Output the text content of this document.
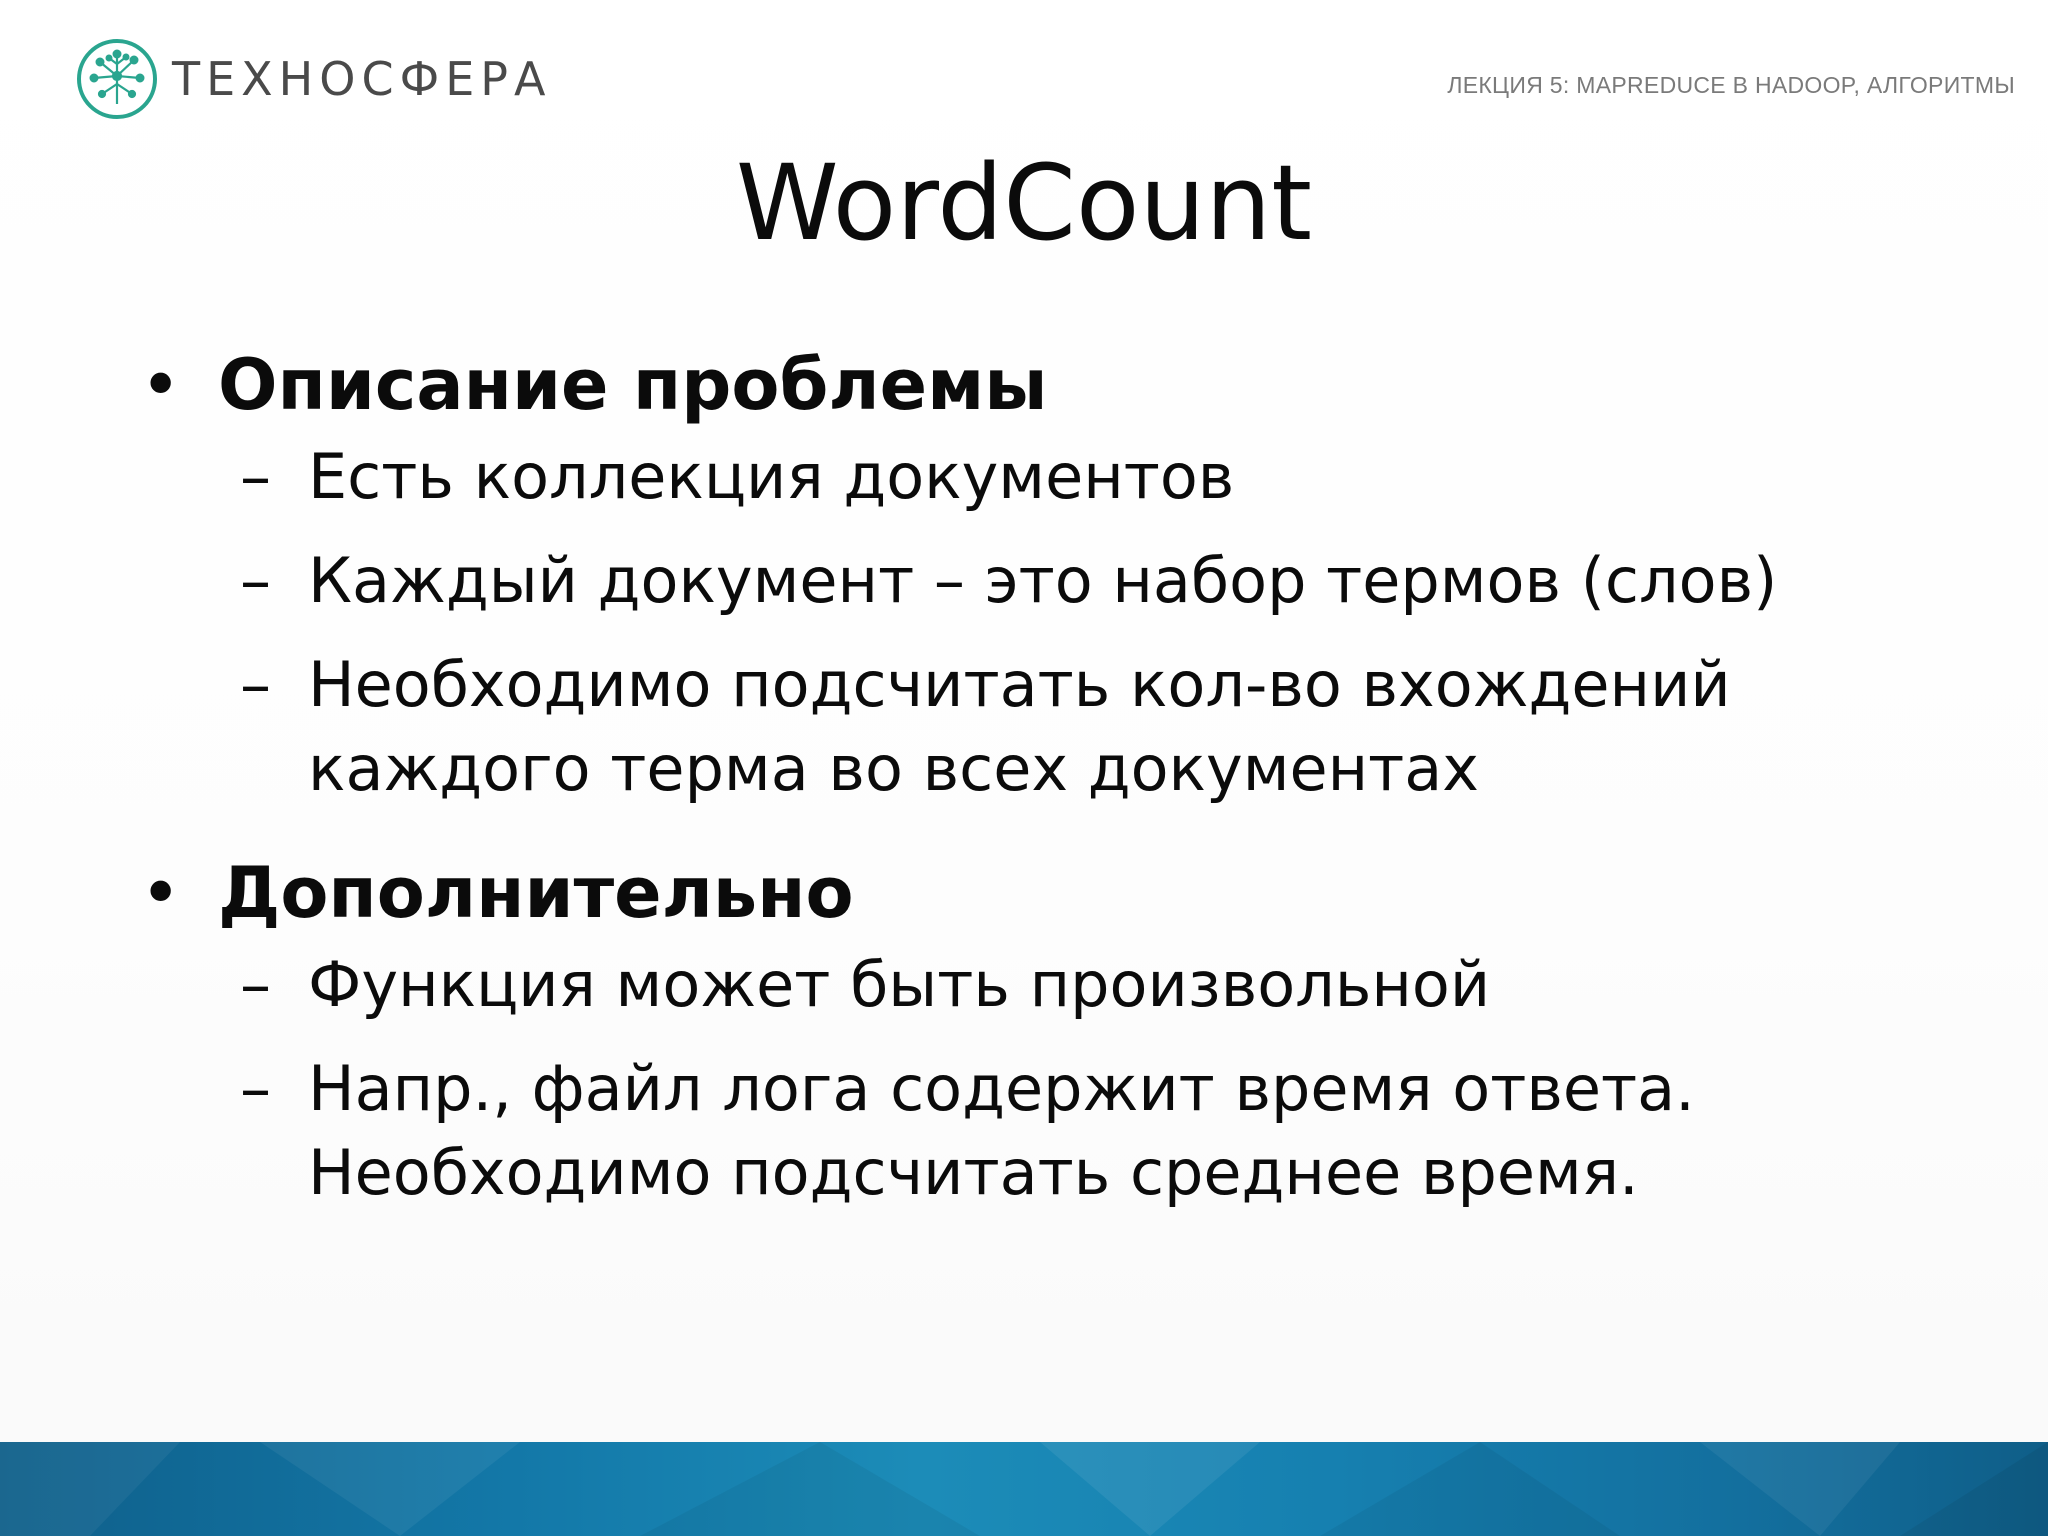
ТЕХНОСФЕРА	ЛЕКЦИЯ 5: MAPREDUCE В HADOOP, АЛГОРИТМЫ
WordCount
• Описание проблемы
– Есть коллекция документов
– Каждый документ – это набор термов (слов)
– Необходимо подсчитать кол-во вхождений
каждого терма во всех документах
• Дополнительно
– Функция может быть произвольной
– Напр., файл лога содержит время ответа.
Необходимо подсчитать среднее время.
